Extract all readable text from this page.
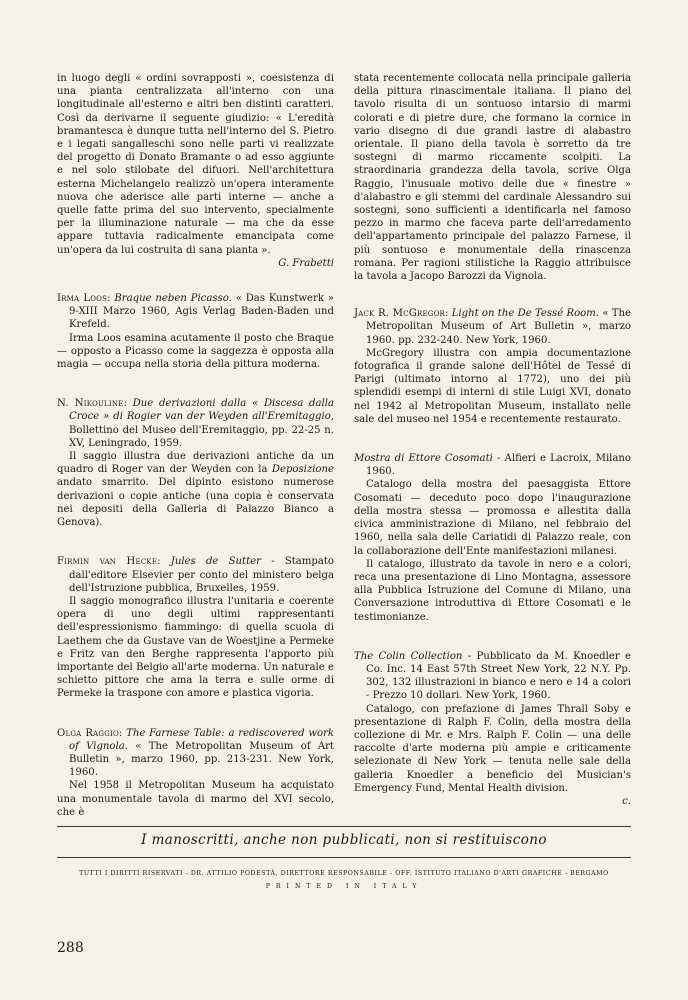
in luogo degli « ordini sovrapposti », coesistenza di una pianta centralizzata all'interno con una longitudinale all'esterno e altri ben distinti caratteri. Così da derivarne il seguente giudizio: « L'eredità bramantesca è dunque tutta nell'interno del S. Pietro e i legati sangalleschi sono nelle parti vi realizzate del progetto di Donato Bramante o ad esso aggiunte e nel solo stilobate del difuori. Nell'architettura esterna Michelangelo realizzò un'opera interamente nuova che aderisce alle parti interne — anche a quelle fatte prima del suo intervento, specialmente per la illuminazione naturale — ma che da esse appare tuttavia radicalmente emancipata come un'opera da lui costruita di sana pianta ».

G. Frabetti

Irma Loos: Braque neben Picasso. « Das Kunstwerk » 9-XIII Marzo 1960, Agis Verlag Baden-Baden und Krefeld.

Irma Loos esamina acutamente il posto che Braque — opposto a Picasso come la saggezza è opposta alla magia — occupa nella storia della pittura moderna.

N. Nikouline: Due derivazioni dalla « Discesa dalla Croce » di Rogier van der Weyden all'Eremitaggio, Bollettino del Museo dell'Eremitaggio, pp. 22-25 n. XV, Leningrado, 1959.

Il saggio illustra due derivazioni antiche da un quadro di Roger van der Weyden con la Deposizione andato smarrito. Del dipinto esistono numerose derivazioni o copie antiche (una copia è conservata nei depositi della Galleria di Palazzo Bianco a Genova).

Firmin van Hecke: Jules de Sutter - Stampato dall'editore Elsevier per conto del ministero belga dell'Istruzione pubblica, Bruxelles, 1959.

Il saggio monografico illustra l'unitaria e coerente opera di uno degli ultimi rappresentanti dell'espressionismo fiammingo: di quella scuola di Laethem che da Gustave van de Woestjine a Permeke e Fritz van den Berghe rappresenta l'apporto più importante del Belgio all'arte moderna. Un naturale e schietto pittore che ama la terra e sulle orme di Permeke la traspone con amore e plastica vigoria.

Olga Raggio: The Farnese Table: a rediscovered work of Vignola. « The Metropolitan Museum of Art Bulletin », marzo 1960, pp. 213-231. New York, 1960.

Nel 1958 il Metropolitan Museum ha acquistato una monumentale tavola di marmo del XVI secolo, che è

stata recentemente collocata nella principale galleria della pittura rinascimentale italiana. Il piano del tavolo risulta di un sontuoso intarsio di marmi colorati e di pietre dure, che formano la cornice in vario disegno di due grandi lastre di alabastro orientale. Il piano della tavola è sorretto da tre sostegni di marmo riccamente scolpiti. La straordinaria grandezza della tavola, scrive Olga Raggio, l'inusuale motivo delle due « finestre » d'alabastro e gli stemmi del cardinale Alessandro sui sostegni, sono sufficienti a identificarla nel famoso pezzo in marmo che faceva parte dell'arredamento dell'appartamento principale del palazzo Farnese, il più sontuoso e monumentale della rinascenza romana. Per ragioni stilistiche la Raggio attribuisce la tavola a Jacopo Barozzi da Vignola.

Jack R. McGregor: Light on the De Tessé Room. « The Metropolitan Museum of Art Bulletin », marzo 1960. pp. 232-240. New York, 1960.

McGregory illustra con ampia documentazione fotografica il grande salone dell'Hôtel de Tessé di Parigi (ultimato intorno al 1772), uno dei più splendidi esempi di interni di stile Luigi XVI, donato nel 1942 al Metropolitan Museum, installato nelle sale del museo nel 1954 e recentemente restaurato.

Mostra di Ettore Cosomati - Alfieri e Lacroix, Milano 1960.

Catalogo della mostra del paesaggista Ettore Cosomati — deceduto poco dopo l'inaugurazione della mostra stessa — promossa e allestita dalla civica amministrazione di Milano, nel febbraio del 1960, nella sala delle Cariatidi di Palazzo reale, con la collaborazione dell'Ente manifestazioni milanesi.

Il catalogo, illustrato da tavole in nero e a colori, reca una presentazione di Lino Montagna, assessore alla Pubblica Istruzione del Comune di Milano, una Conversazione introduttiva di Ettore Cosomati e le testimonianze.

The Colin Collection - Pubblicato da M. Knoedler e Co. Inc. 14 East 57th Street New York, 22 N.Y. Pp. 302, 132 illustrazioni in bianco e nero e 14 a colori - Prezzo 10 dollari. New York, 1960.

Catalogo, con prefazione di James Thrall Soby e presentazione di Ralph F. Colin, della mostra della collezione di Mr. e Mrs. Ralph F. Colin — una delle raccolte d'arte moderna più ampie e criticamente selezionate di New York — tenuta nelle sale della galleria Knoedler a beneficio del Musician's Emergency Fund, Mental Health division.

c.

I manoscritti, anche non pubblicati, non si restituiscono
TUTTI I DIRITTI RISERVATI - DR. ATTILIO PODESTÀ, DIRETTORE RESPONSABILE - OFF. ISTITUTO ITALIANO D'ARTI GRAFICHE - BERGAMO
PRINTED IN ITALY
288
